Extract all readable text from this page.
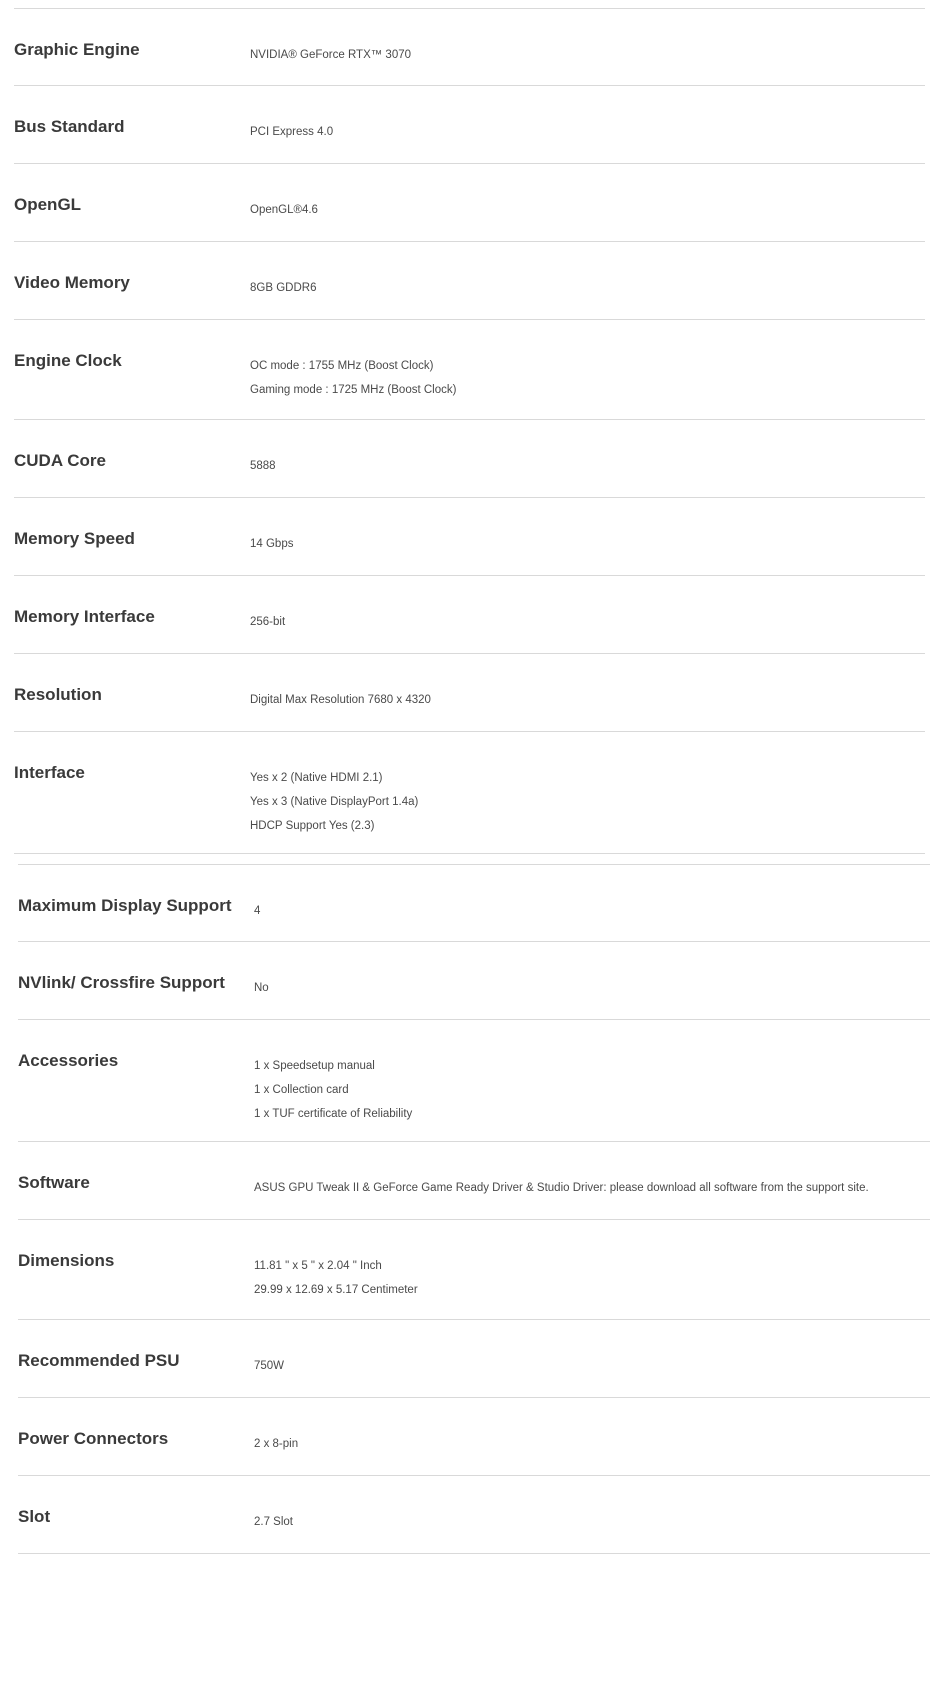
Graphic Engine	NVIDIA® GeForce RTX™ 3070
Bus Standard	PCI Express 4.0
OpenGL	OpenGL®4.6
Video Memory	8GB GDDR6
Engine Clock	OC mode : 1755 MHz (Boost Clock)
Gaming mode : 1725 MHz (Boost Clock)
CUDA Core	5888
Memory Speed	14 Gbps
Memory Interface	256-bit
Resolution	Digital Max Resolution 7680 x 4320
Interface	Yes x 2 (Native HDMI 2.1)
Yes x 3 (Native DisplayPort 1.4a)
HDCP Support Yes (2.3)
Maximum Display Support 4
NVlink/ Crossfire Support	No
Accessories	1 x Speedsetup manual
1 x Collection card
1 x TUF certificate of Reliability
Software	ASUS GPU Tweak II & GeForce Game Ready Driver & Studio Driver: please download all software from the support site.
Dimensions	11.81 " x 5 " x 2.04 " Inch
29.99 x 12.69 x 5.17 Centimeter
Recommended PSU	750W
Power Connectors	2 x 8-pin
Slot	2.7 Slot
